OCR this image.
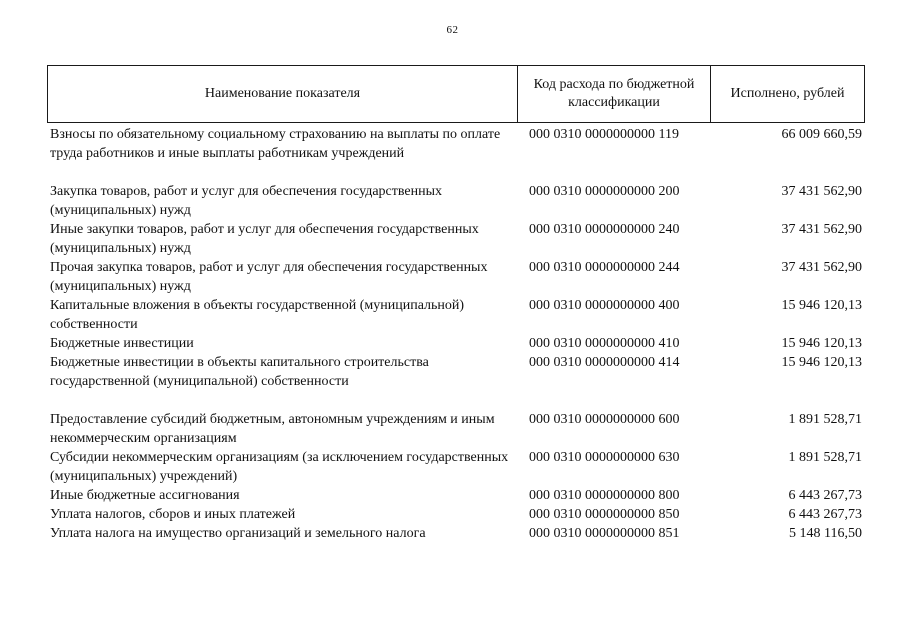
62
Наименование показателя
Код расхода по бюджетной классификации
Исполнено, рублей
Взносы по обязательному социальному страхованию на выплаты по оплате труда работников и иные выплаты работникам учреждений
000 0310 0000000000 119	66 009 660,59
Закупка товаров, работ и услуг для обеспечения государственных (муниципальных) нужд
000 0310 0000000000 200	37 431 562,90
Иные закупки товаров, работ и услуг для обеспечения государственных (муниципальных) нужд
000 0310 0000000000 240	37 431 562,90
Прочая закупка товаров, работ и услуг для обеспечения государственных (муниципальных) нужд
000 0310 0000000000 244	37 431 562,90
Капитальные вложения в объекты государственной (муниципальной) собственности
000 0310 0000000000 400	15 946 120,13
Бюджетные инвестиции	000 0310 0000000000 410	15 946 120,13
Бюджетные инвестиции в объекты капитального строительства государственной (муниципальной) собственности
000 0310 0000000000 414	15 946 120,13
Предоставление субсидий бюджетным, автономным учреждениям и иным некоммерческим организациям
000 0310 0000000000 600	1 891 528,71
Субсидии некоммерческим организациям (за исключением государственных (муниципальных) учреждений)
000 0310 0000000000 630	1 891 528,71
Иные бюджетные ассигнования	000 0310 0000000000 800	6 443 267,73
Уплата налогов, сборов и иных платежей	000 0310 0000000000 850	6 443 267,73
Уплата налога на имущество организаций и земельного налога	000 0310 0000000000 851	5 148 116,50
